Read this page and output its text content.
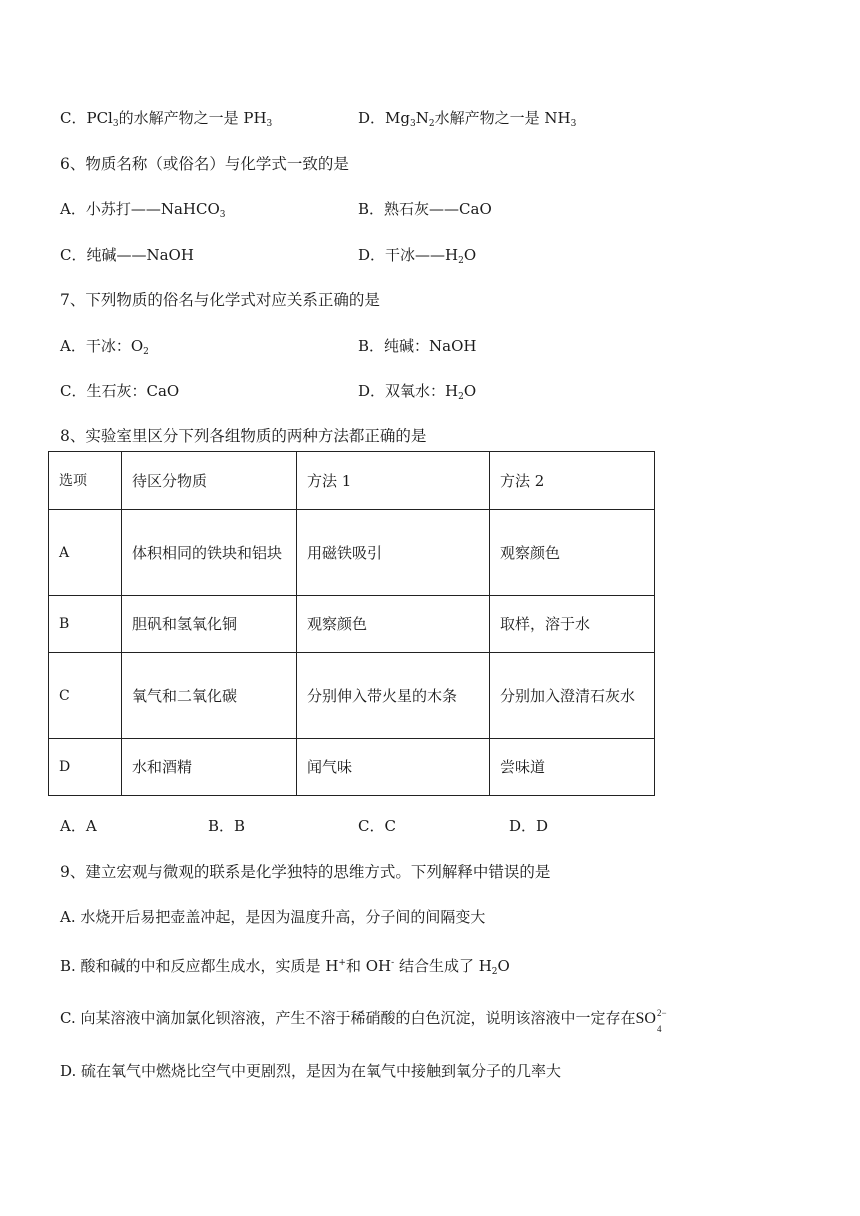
C．PCl$_3$的水解产物之一是 $PH_3$	D．$Mg_3N_2$水解产物之一是 $NH_3$
6、物质名称（或俗名）与化学式一致的是
A．小苏打——NaHCO$_3$	B．熟石灰——CaO
C．纯碱——NaOH	D．干冰$——H_2O$
7、下列物质的俗名与化学式对应关系正确的是
A．干冰：$O_2$	B．纯碱：NaOH
C．生石灰：CaO	D．双氧水：$H_2O$
8、实验室里区分下列各组物质的两种方法都正确的是
选项	待区分物质	方法 1	方法 2
A	体积相同的铁块和铝块	用磁铁吸引	观察颜色
B	胆矾和氢氧化铜	观察颜色	取样，溶于水
C	氧气和二氧化碳	分别伸入带火星的木条	分别加入澄清石灰水
D	水和酒精	闻气味	尝味道
A．A	B．B	C．C	D．D
9、建立宏观与微观的联系是化学独特的思维方式。下列解释中错误的是
A. 水烧开后易把壶盖冲起，是因为温度升高，分子间的间隔变大
B. 酸和碱的中和反应都生成水，实质是 H+和 OH- 结合生成了 $H_2O$
C. 向某溶液中滴加氯化钡溶液，产生不溶于稀硝酸的白色沉淀，说明该溶液中一定存在SO 2−
4
D. 硫在氧气中燃烧比空气中更剧烈，是因为在氧气中接触到氧分子的几率大
